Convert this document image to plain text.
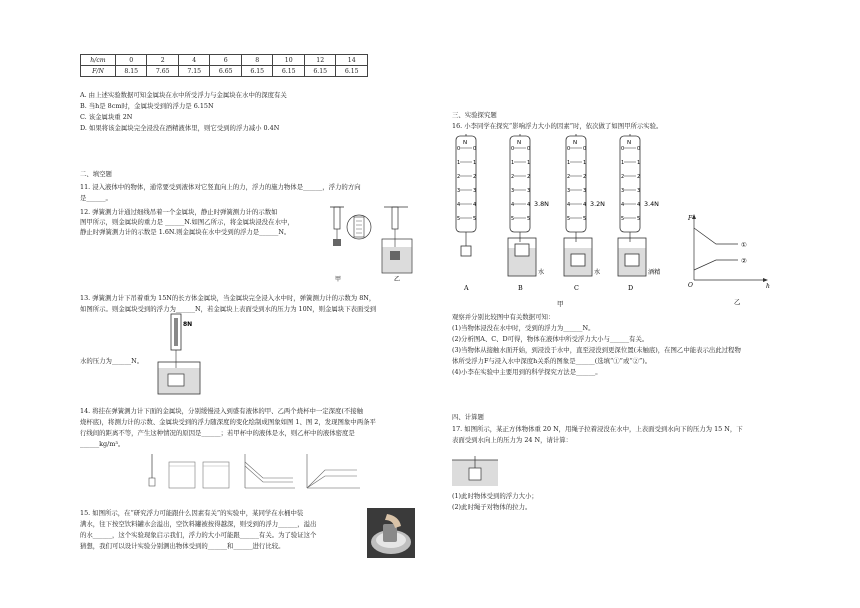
h/cm	0	2	4	6	8	10	12	14
F/N	8.15	7.65	7.15	6.65	6.15	6.15	6.15	6.15
A. 由上述实验数据可知金属块在水中所受浮力与金属块在水中的深度有关
B. 当h是 8cm时，金属块受到的浮力是 6.15N
C. 该金属块重 2N
D. 如果将该金属块完全浸没在酒精液体里，则它受到的浮力减小 0.4N
二、填空题
11. 浸入液体中的物体，通常要受到液体对它竖直向上的力，浮力的施力物体是______，浮力的方向
是______。
12. 弹簧测力计通过细线吊着一个金属块，静止时弹簧测力计的示数如
图甲所示，则金属块的重力是 ______N.如图乙所示，将金属块浸没在水中，
静止时弹簧测力计的示数是 1.6N.则金属块在水中受到的浮力是______N。
甲	乙
13. 弹簧测力计下吊着重为 15N的长方体金属块，当金属块完全浸入水中时，弹簧测力计的示数为 8N，
如图所示。则金属块受到的浮力为______N，若金属块上表面受到水的压力为 10N，则金属块下表面受到
水的压力为______N。
8N
14. 将挂在弹簧测力计下面的金属块，分别缓慢浸入到盛有液体的甲、乙两个烧杯中一定深度(不接触
烧杯底)，将测力计的示数、金属块受到的浮力随深度的变化绘制成图象如图 1、图 2，发现图象中两条平
行线间的距离不等，产生这种情况的原因是______；若甲杯中的液体是水，则乙杯中的液体密度是
______kg/m³。
15. 如图所示，在“研究浮力可能跟什么因素有关”的实验中，某同学在水桶中装
满水，往下按空饮料罐水会溢出，空饮料罐被按得越深，则受到的浮力______，溢出
的水______，这个实验现象启示我们，浮力的大小可能跟______有关。为了验证这个
猜想，我们可以设计实验分别测出物体受到的______和______进行比较。
三、实验探究题
16. 小李同学在探究“影响浮力大小的因素”时，依次做了如图甲所示实验。
0	0
1	1
2	2
3	3
4	4
5	5
N
A
0	0
1	1
2	2
3	3
4	4
5	5
N
B
3.8N
水
0	0
1	1
2	2
3	3
4	4
5	5
N
C
3.2N
水
0	0
1	1
2	2
3	3
4	4
5	5
N
D
3.4N
酒精
甲
F
h
O
①
②
乙
观察并分别比较图中有关数据可知：
(1)当物体浸没在水中时，受到的浮力为______N。
(2)分析图A、C、D可得，物体在液体中所受浮力大小与______有关。
(3)当物体从接触水面开始，到浸没于水中，直至浸没到更深位置(未触底)，在图乙中能表示出此过程物
体所受浮力F与浸入水中深度h关系的图象是______(选填“①”或“②”)。
(4)小李在实验中主要用到的科学探究方法是______。
四、计算题
17. 如图所示，某正方体物体重 20 N，用绳子拉着浸没在水中，上表面受到水向下的压力为 15 N，下
表面受到水向上的压力为 24 N，请计算：
(1)此时物体受到的浮力大小；
(2)此时绳子对物体的拉力。
